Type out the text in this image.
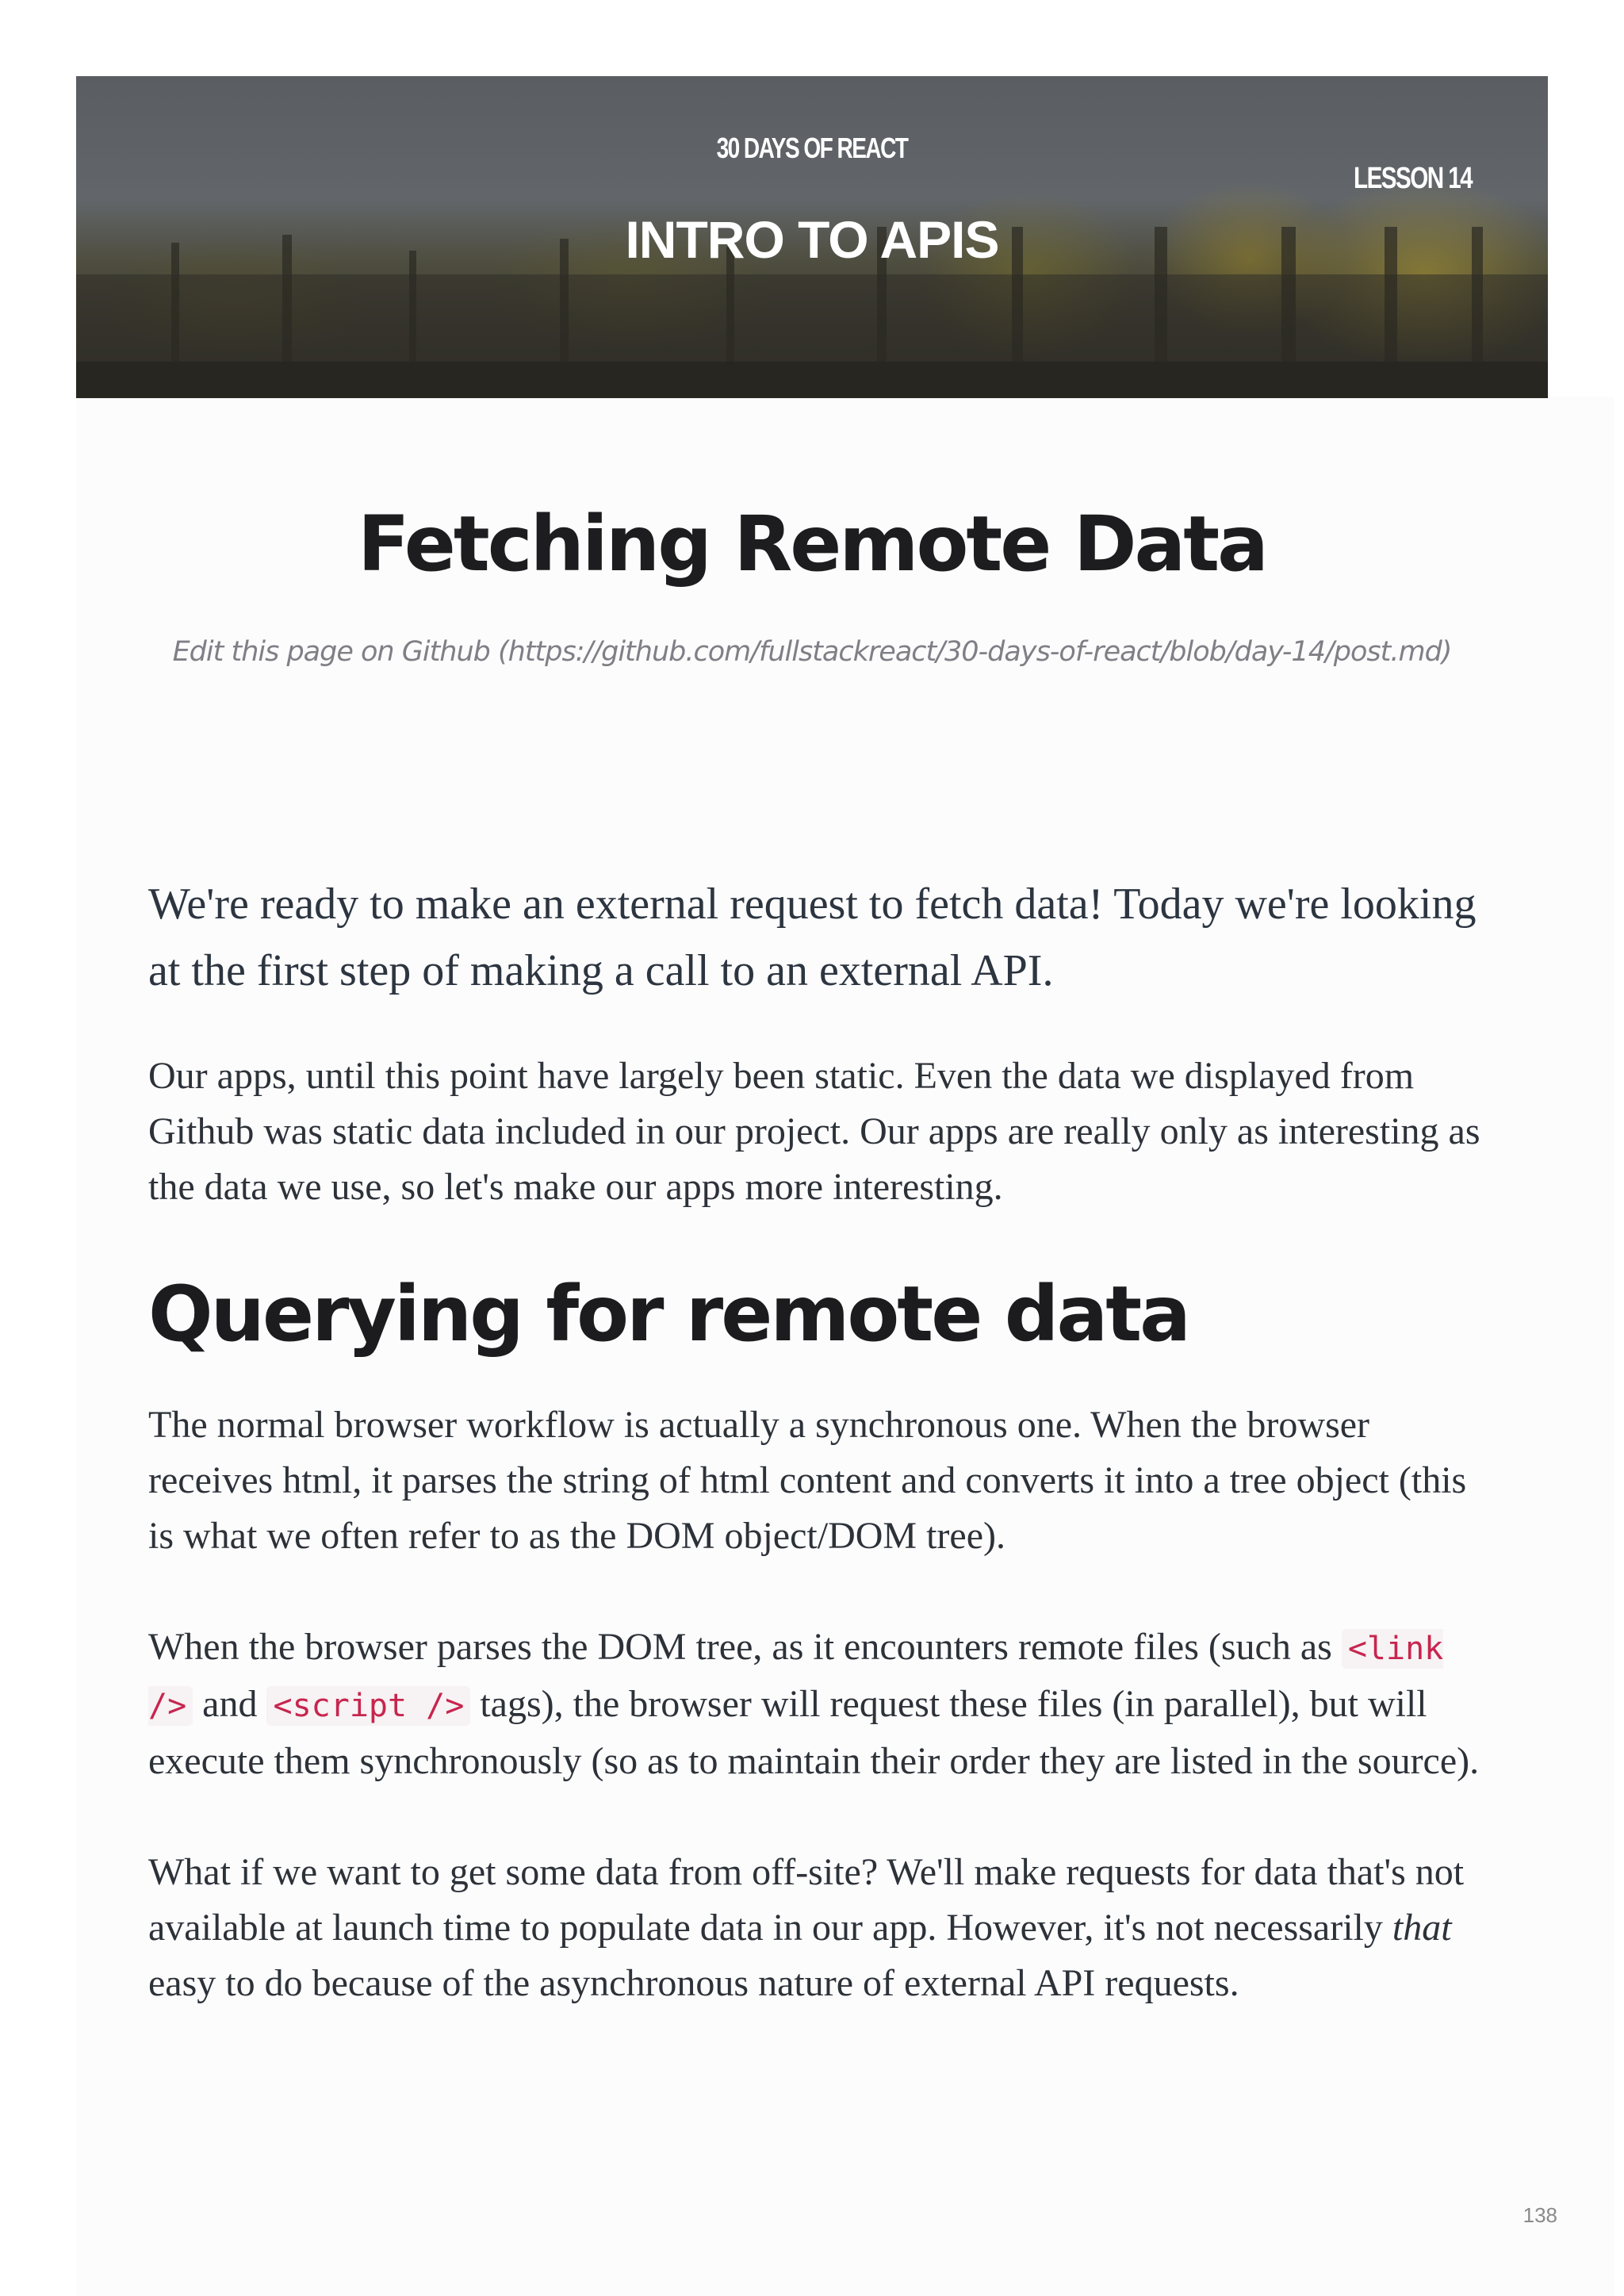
30 DAYS OF REACT
INTRO TO APIS
LESSON 14
Fetching Remote Data
Edit this page on Github (https://github.com/fullstackreact/30-days-of-react/blob/day-14/post.md)

We're ready to make an external request to fetch data! Today we're looking at the first step of making a call to an external API.

Our apps, until this point have largely been static. Even the data we displayed from Github was static data included in our project. Our apps are really only as interesting as the data we use, so let's make our apps more interesting.

Querying for remote data

The normal browser workflow is actually a synchronous one. When the browser receives html, it parses the string of html content and converts it into a tree object (this is what we often refer to as the DOM object/DOM tree).

When the browser parses the DOM tree, as it encounters remote files (such as <link /> and <script /> tags), the browser will request these files (in parallel), but will execute them synchronously (so as to maintain their order they are listed in the source).

What if we want to get some data from off-site? We'll make requests for data that's not available at launch time to populate data in our app. However, it's not necessarily that easy to do because of the asynchronous nature of external API requests.

138
